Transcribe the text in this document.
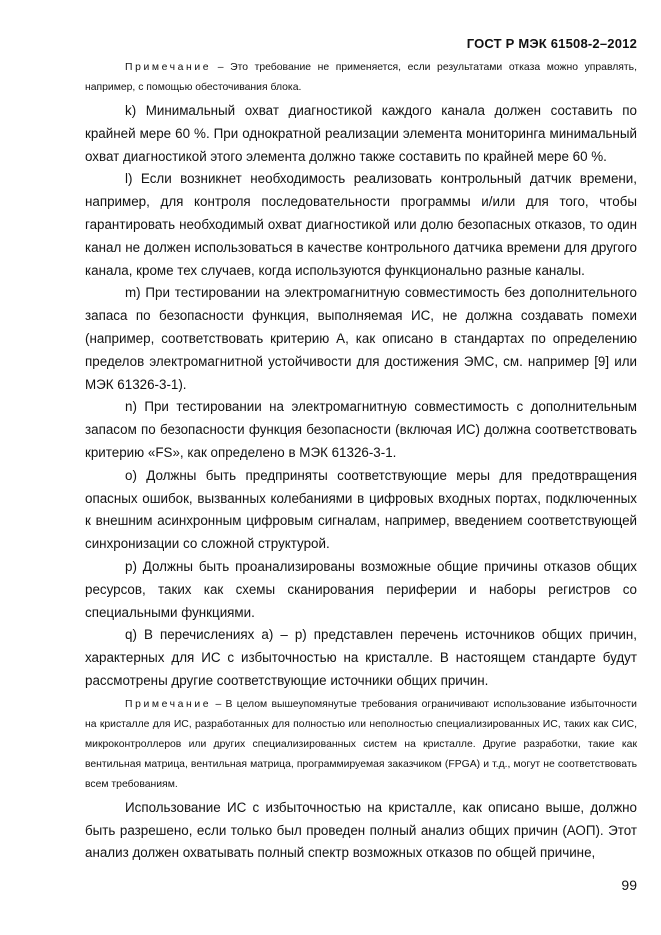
ГОСТ Р МЭК 61508-2–2012

Примечание – Это требование не применяется, если результатами отказа можно управлять, например, с помощью обесточивания блока.

k) Минимальный охват диагностикой каждого канала должен составить по крайней мере 60 %. При однократной реализации элемента мониторинга минимальный охват диагностикой этого элемента должно также составить по крайней мере 60 %.

l) Если возникнет необходимость реализовать контрольный датчик времени, например, для контроля последовательности программы и/или для того, чтобы гарантировать необходимый охват диагностикой или долю безопасных отказов, то один канал не должен использоваться в качестве контрольного датчика времени для другого канала, кроме тех случаев, когда используются функционально разные каналы.

m) При тестировании на электромагнитную совместимость без дополнительного запаса по безопасности функция, выполняемая ИС, не должна создавать помехи (например, соответствовать критерию А, как описано в стандартах по определению пределов электромагнитной устойчивости для достижения ЭМС, см. например [9] или МЭК 61326-3-1).

n) При тестировании на электромагнитную совместимость с дополнительным запасом по безопасности функция безопасности (включая ИС) должна соответствовать критерию «FS», как определено в МЭК 61326-3-1.

o) Должны быть предприняты соответствующие меры для предотвращения опасных ошибок, вызванных колебаниями в цифровых входных портах, подключенных к внешним асинхронным цифровым сигналам, например, введением соответствующей синхронизации со сложной структурой.

p) Должны быть проанализированы возможные общие причины отказов общих ресурсов, таких как схемы сканирования периферии и наборы регистров со специальными функциями.

q) В перечислениях a) – p) представлен перечень источников общих причин, характерных для ИС с избыточностью на кристалле. В настоящем стандарте будут рассмотрены другие соответствующие источники общих причин.

Примечание – В целом вышеупомянутые требования ограничивают использование избыточности на кристалле для ИС, разработанных для полностью или неполностью специализированных ИС, таких как СИС, микроконтроллеров или других специализированных систем на кристалле. Другие разработки, такие как вентильная матрица, вентильная матрица, программируемая заказчиком (FPGA) и т.д., могут не соответствовать всем требованиям.

Использование ИС с избыточностью на кристалле, как описано выше, должно быть разрешено, если только был проведен полный анализ общих причин (АОП). Этот анализ должен охватывать полный спектр возможных отказов по общей причине,

99
